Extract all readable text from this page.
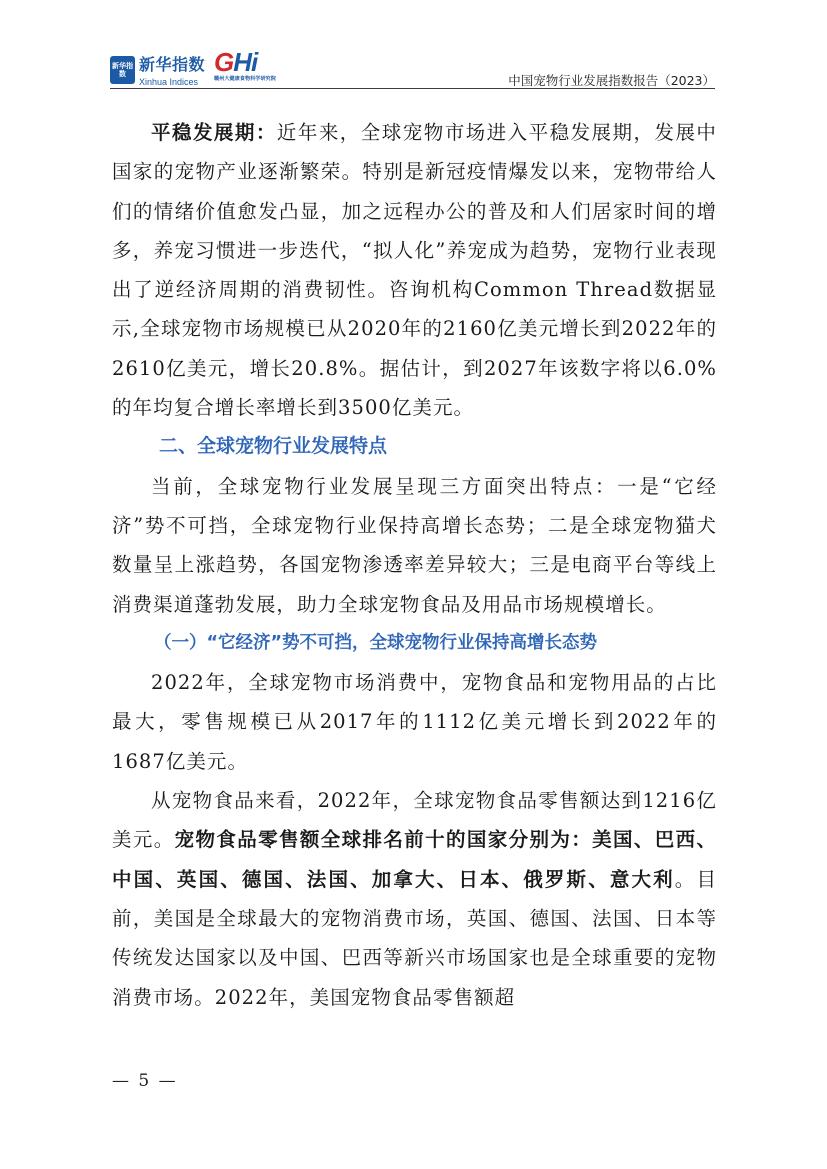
新华指数 新华指数
Xinhua Indices
GHi
赣州大健康食物科学研究院	中国宠物行业发展指数报告（2023）

平稳发展期：近年来，全球宠物市场进入平稳发展期，发展中国家的宠物产业逐渐繁荣。特别是新冠疫情爆发以来，宠物带给人们的情绪价值愈发凸显，加之远程办公的普及和人们居家时间的增多，养宠习惯进一步迭代，“拟人化”养宠成为趋势，宠物行业表现出了逆经济周期的消费韧性。咨询机构Common Thread数据显示,全球宠物市场规模已从2020年的2160亿美元增长到2022年的2610亿美元，增长20.8%。据估计，到2027年该数字将以6.0%的年均复合增长率增长到3500亿美元。

二、全球宠物行业发展特点

当前，全球宠物行业发展呈现三方面突出特点：一是“它经济”势不可挡，全球宠物行业保持高增长态势；二是全球宠物猫犬数量呈上涨趋势，各国宠物渗透率差异较大；三是电商平台等线上消费渠道蓬勃发展，助力全球宠物食品及用品市场规模增长。

（一）“它经济”势不可挡，全球宠物行业保持高增长态势

2022年，全球宠物市场消费中，宠物食品和宠物用品的占比最大，零售规模已从2017年的1112亿美元增长到2022年的1687亿美元。

从宠物食品来看，2022年，全球宠物食品零售额达到1216亿美元。宠物食品零售额全球排名前十的国家分别为：美国、巴西、中国、英国、德国、法国、加拿大、日本、俄罗斯、意大利。目前，美国是全球最大的宠物消费市场，英国、德国、法国、日本等传统发达国家以及中国、巴西等新兴市场国家也是全球重要的宠物消费市场。2022年，美国宠物食品零售额超

— 5 —
